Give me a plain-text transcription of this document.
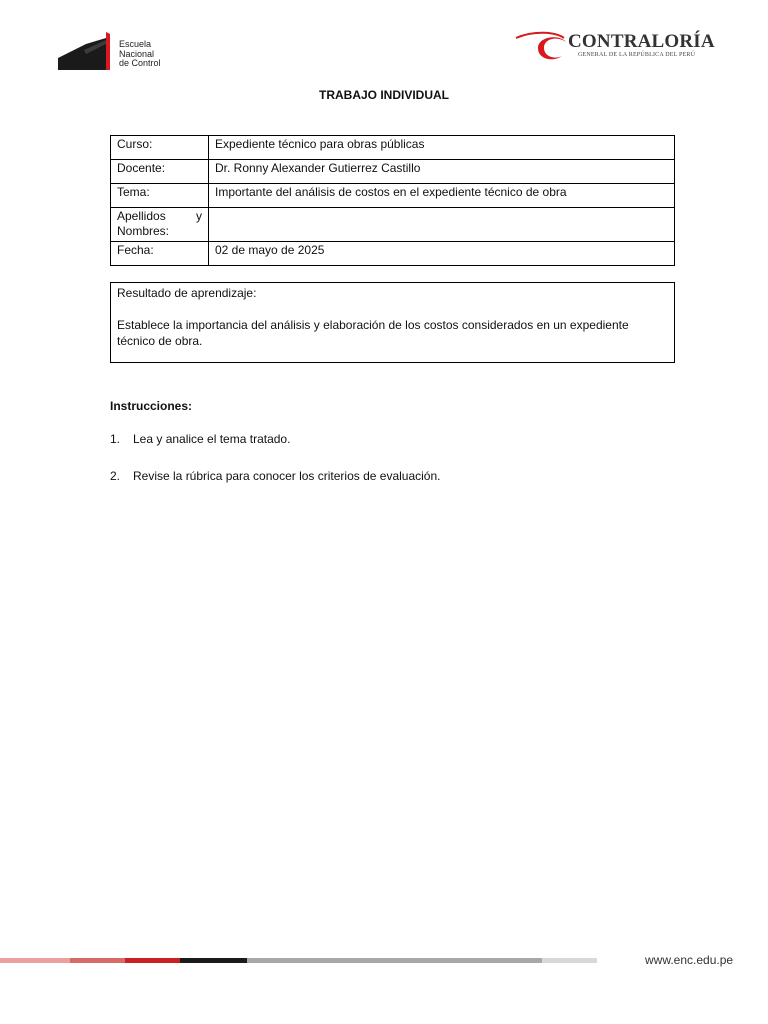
Escuela
Nacional
de Control
CONTRALORÍA
GENERAL DE LA REPÚBLICA DEL PERÚ
TRABAJO INDIVIDUAL
Curso:	Expediente técnico para obras públicas
Docente:	Dr. Ronny Alexander Gutierrez Castillo
Tema:	Importante del análisis de costos en el expediente técnico de obra

Apellidos y
Nombres:	

Fecha:	02 de mayo de 2025

Resultado de aprendizaje:

Establece la importancia del análisis y elaboración de los costos considerados en un expediente técnico de obra.

Instrucciones:
1. Lea y analice el tema tratado.
2. Revise la rúbrica para conocer los criterios de evaluación.
www.enc.edu.pe
